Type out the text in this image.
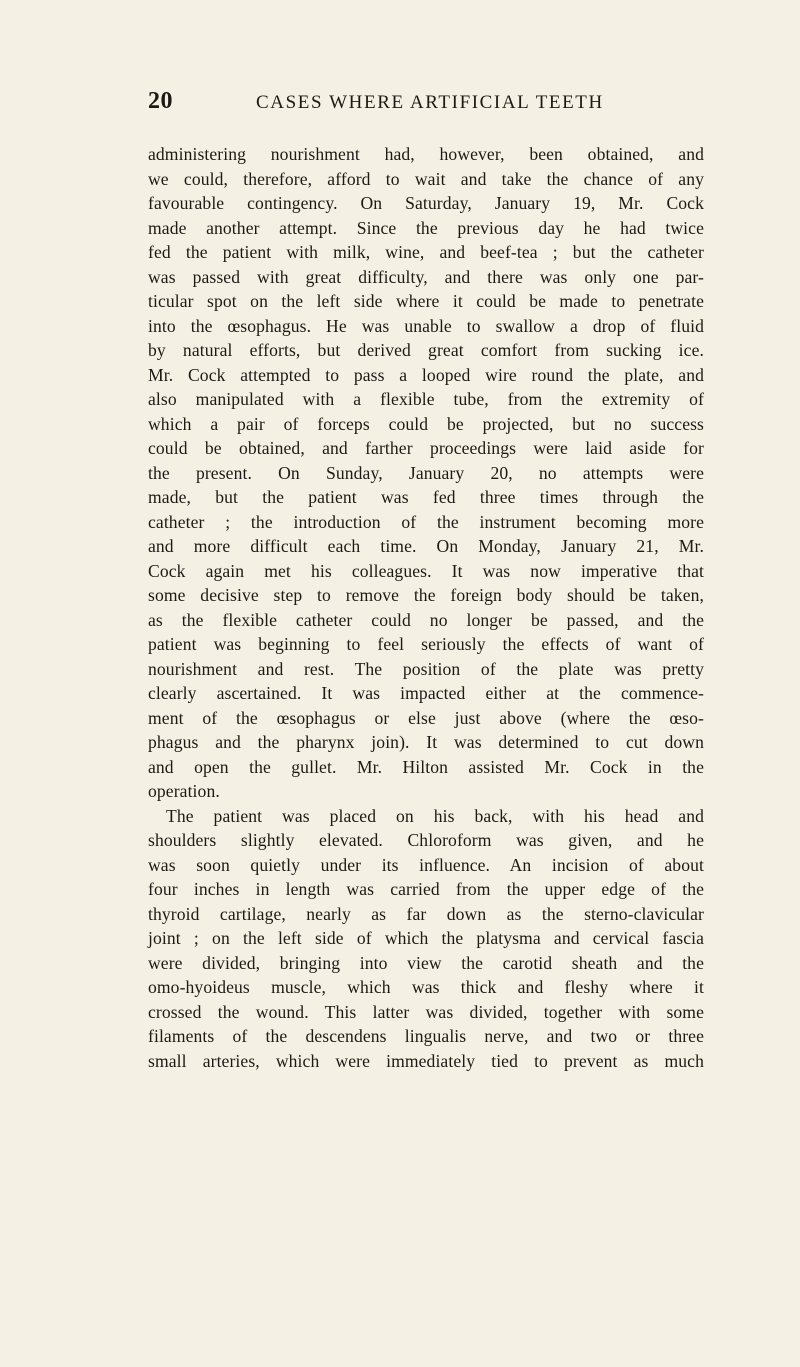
20	CASES WHERE ARTIFICIAL TEETH
administering nourishment had, however, been obtained, and
we could, therefore, afford to wait and take the chance of any
favourable contingency. On Saturday, January 19, Mr. Cock
made another attempt. Since the previous day he had twice
fed the patient with milk, wine, and beef-tea ; but the catheter
was passed with great difficulty, and there was only one par-
ticular spot on the left side where it could be made to penetrate
into the œsophagus. He was unable to swallow a drop of fluid
by natural efforts, but derived great comfort from sucking ice.
Mr. Cock attempted to pass a looped wire round the plate, and
also manipulated with a flexible tube, from the extremity of
which a pair of forceps could be projected, but no success
could be obtained, and farther proceedings were laid aside for
the present. On Sunday, January 20, no attempts were
made, but the patient was fed three times through the
catheter ; the introduction of the instrument becoming more
and more difficult each time. On Monday, January 21, Mr.
Cock again met his colleagues. It was now imperative that
some decisive step to remove the foreign body should be taken,
as the flexible catheter could no longer be passed, and the
patient was beginning to feel seriously the effects of want of
nourishment and rest. The position of the plate was pretty
clearly ascertained. It was impacted either at the commence-
ment of the œsophagus or else just above (where the œso-
phagus and the pharynx join). It was determined to cut down
and open the gullet. Mr. Hilton assisted Mr. Cock in the
operation.
The patient was placed on his back, with his head and
shoulders slightly elevated. Chloroform was given, and he
was soon quietly under its influence. An incision of about
four inches in length was carried from the upper edge of the
thyroid cartilage, nearly as far down as the sterno-clavicular
joint ; on the left side of which the platysma and cervical fascia
were divided, bringing into view the carotid sheath and the
omo-hyoideus muscle, which was thick and fleshy where it
crossed the wound. This latter was divided, together with some
filaments of the descendens lingualis nerve, and two or three
small arteries, which were immediately tied to prevent as much
